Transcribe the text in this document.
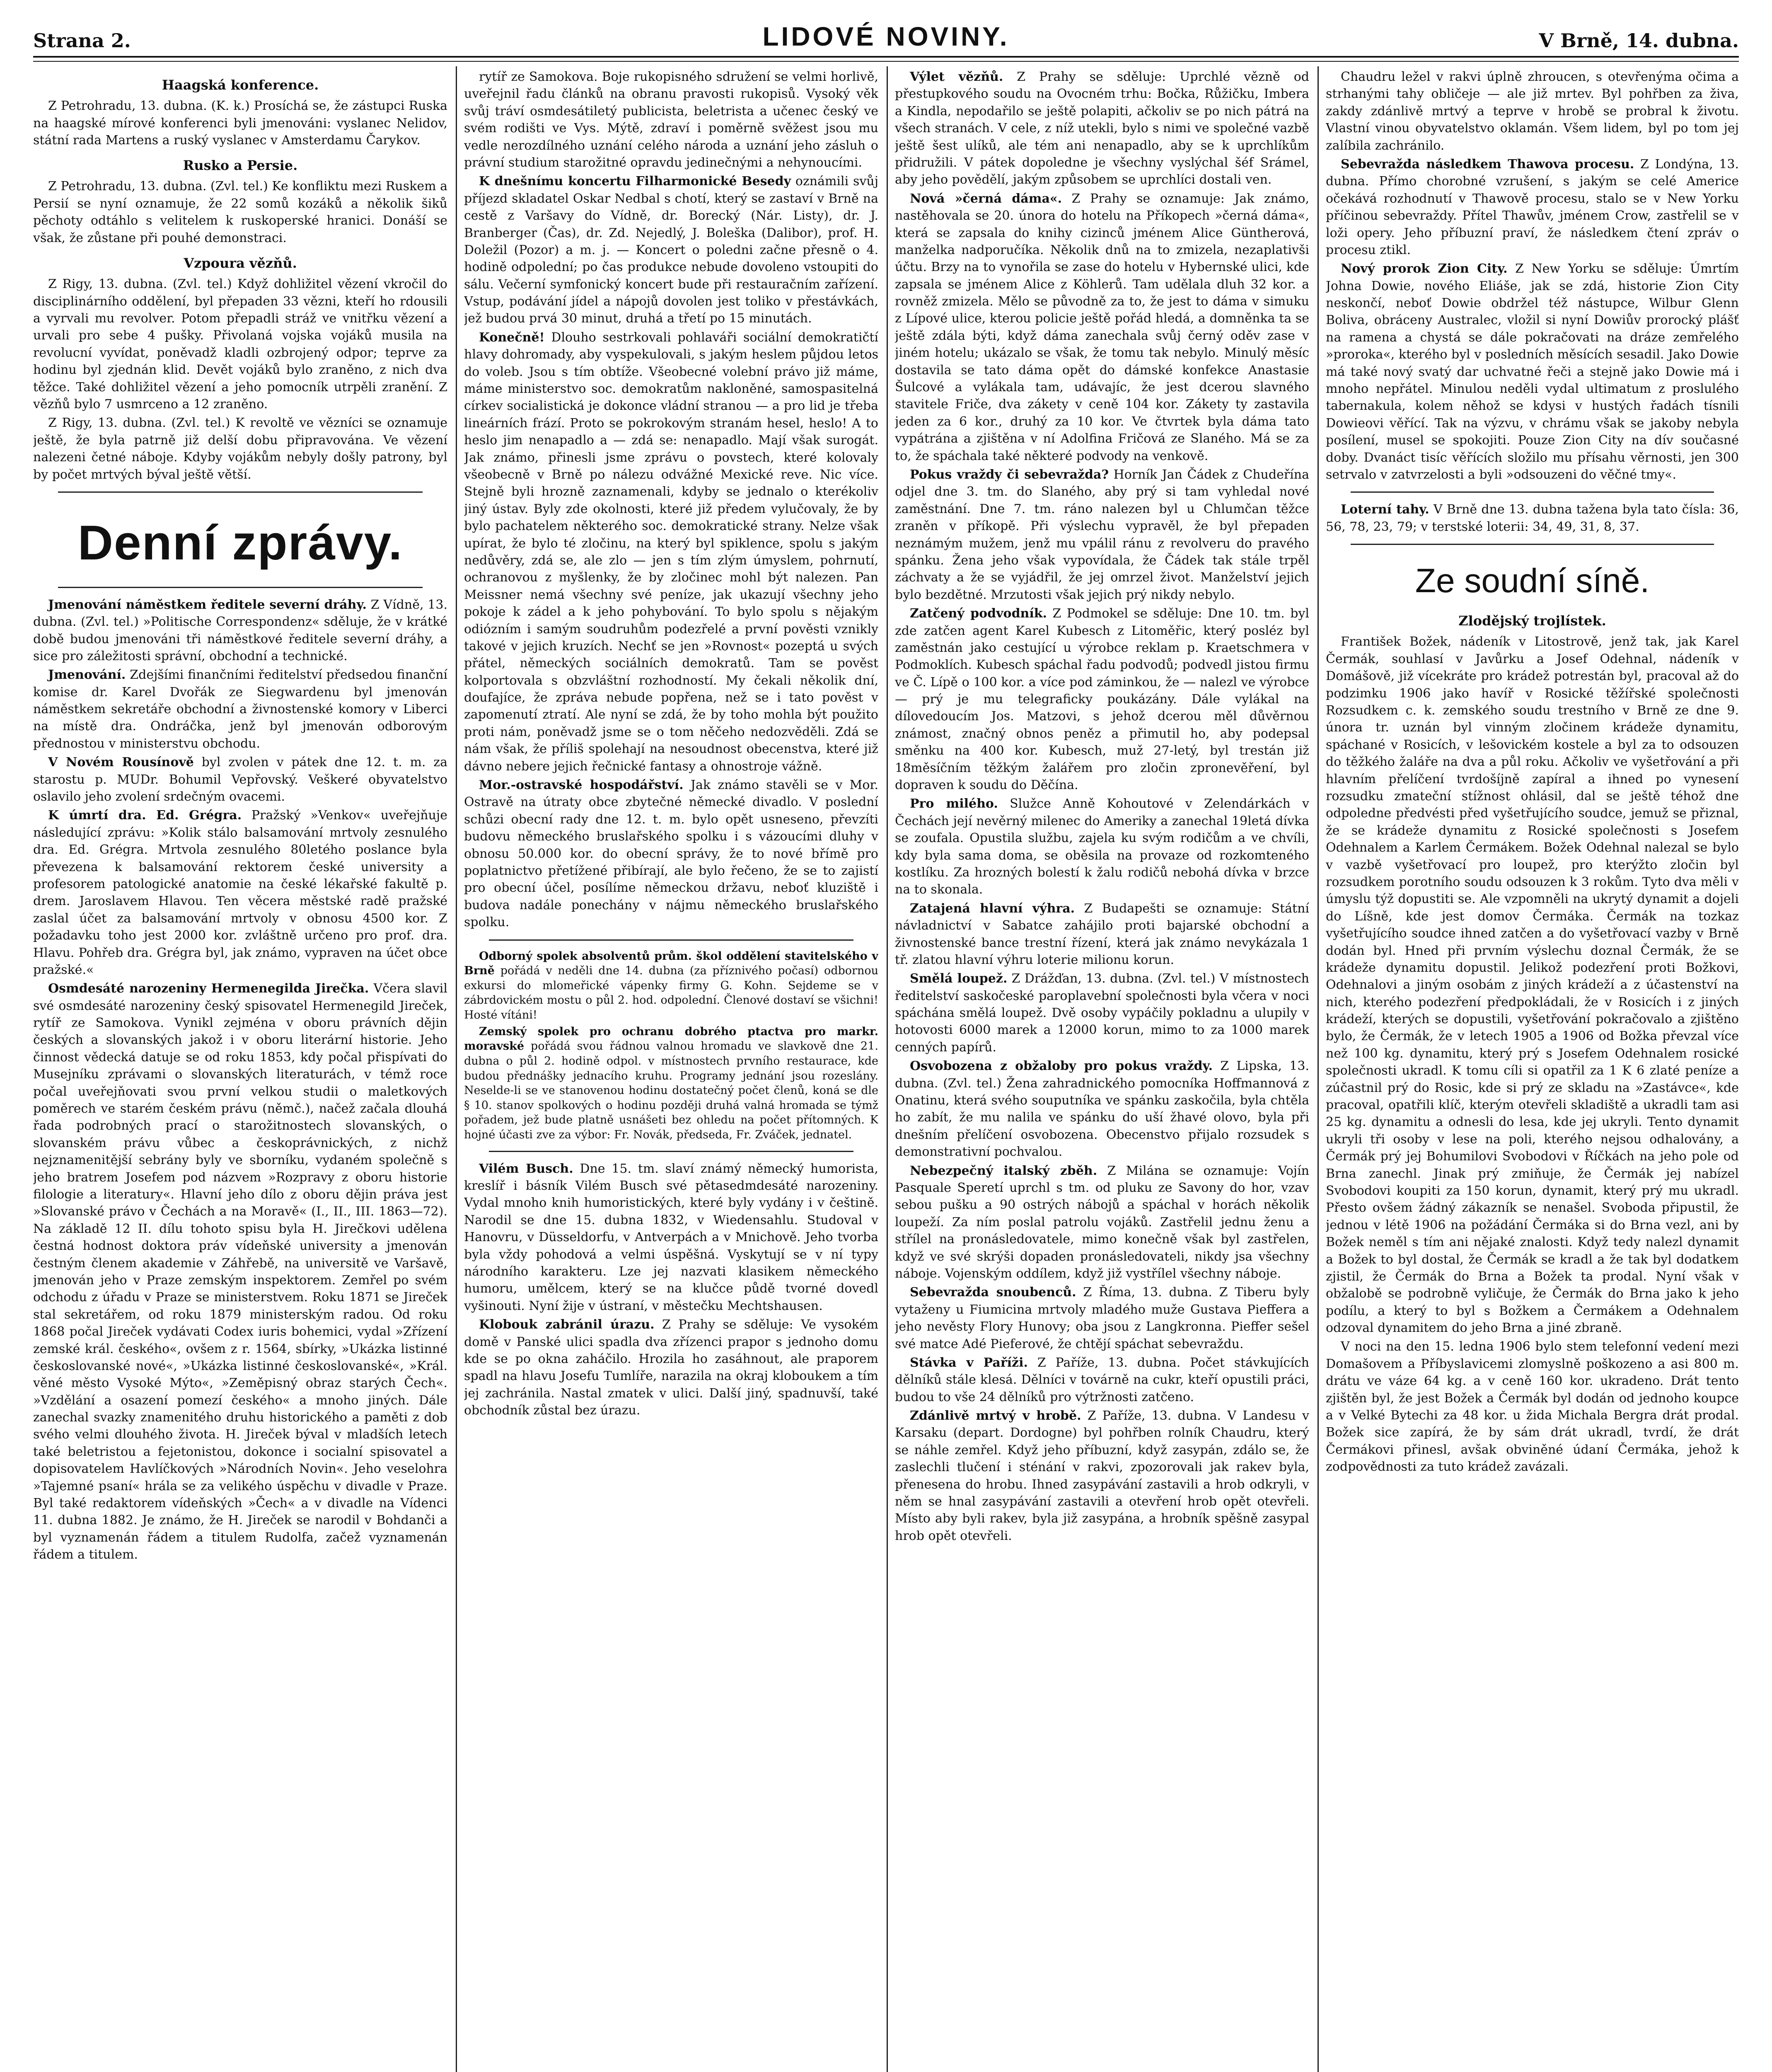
Strana 2.	LIDOVÉ NOVINY.	V Brně, 14. dubna.
Haagská konference.

Z Petrohradu, 13. dubna. (K. k.) Prosíchá se, že zástupci Ruska na haagské mírové konferenci byli jmenováni: vyslanec Nelidov, státní rada Martens a ruský vyslanec v Amsterdamu Čarykov.

Rusko a Persie.

Z Petrohradu, 13. dubna. (Zvl. tel.) Ke konfliktu mezi Ruskem a Persií se nyní oznamuje, že 22 somů kozáků a několik šiků pěchoty odtáhlo s velitelem k ruskoperské hranici. Donáší se však, že zůstane při pouhé demonstraci.

Vzpoura vězňů.

Z Rigy, 13. dubna. (Zvl. tel.) Když dohližitel vězení vkročil do disciplinárního oddělení, byl přepaden 33 vězni, kteří ho rdousili a vyrvali mu revolver. Potom přepadli stráž ve vnitřku vězení a urvali pro sebe 4 pušky. Přivolaná vojska vojáků musila na revolucní vyvídat, poněvadž kladli ozbrojený odpor; teprve za hodinu byl zjednán klid. Devět vojáků bylo zraněno, z nich dva těžce. Také dohližitel vězení a jeho pomocník utrpěli zranění. Z vězňů bylo 7 usmrceno a 12 zraněno.

Z Rigy, 13. dubna. (Zvl. tel.) K revoltě ve vězníci se oznamuje ještě, že byla patrně již delší dobu připravována. Ve vězení nalezeni četné náboje. Kdyby vojákům nebyly došly patrony, byl by počet mrtvých býval ještě větší.

Denní zprávy.

Jmenování náměstkem ředitele severní dráhy. Z Vídně, 13. dubna. (Zvl. tel.) »Politische Correspondenz« sděluje, že v krátké době budou jmenováni tři náměstkové ředitele severní dráhy, a sice pro záležitosti správní, obchodní a technické.

Jmenování. Zdejšími finančními ředitelství předsedou finanční komise dr. Karel Dvořák ze Siegwardenu byl jmenován náměstkem sekretáře obchodní a živnostenské komory v Liberci na místě dra. Ondráčka, jenž byl jmenován odborovým přednostou v ministerstvu obchodu.

V Novém Rousínově byl zvolen v pátek dne 12. t. m. za starostu p. MUDr. Bohumil Vepřovský. Veškeré obyvatelstvo oslavilo jeho zvolení srdečným ovacemi.

K úmrtí dra. Ed. Grégra. Pražský »Venkov« uveřejňuje následující zprávu: »Kolik stálo balsamování mrtvoly zesnulého dra. Ed. Grégra. Mrtvola zesnulého 80letého poslance byla převezena k balsamování rektorem české university a profesorem patologické anatomie na české lékařské fakultě p. drem. Jaroslavem Hlavou. Ten věcera městské radě pražské zaslal účet za balsamování mrtvoly v obnosu 4500 kor. Z požadavku toho jest 2000 kor. zvláštně určeno pro prof. dra. Hlavu. Pohřeb dra. Grégra byl, jak známo, vypraven na účet obce pražské.«

Osmdesáté narozeniny Hermenegilda Jirečka. Včera slavil své osmdesáté narozeniny český spisovatel Hermenegild Jireček, rytíř ze Samokova. Vynikl zejména v oboru právních dějin českých a slovanských jakož i v oboru literární historie. Jeho činnost vědecká datuje se od roku 1853, kdy počal přispívati do Musejníku zprávami o slovanských literaturách, v témž roce počal uveřejňovati svou první velkou studii o maletkových poměrech ve starém českém právu (němč.), načež začala dlouhá řada podrobných prací o starožitnostech slovanských, o slovanském právu vůbec a českoprávnických, z nichž nejznamenitější sebrány byly ve sborníku, vydaném společně s jeho bratrem Josefem pod názvem »Rozpravy z oboru historie filologie a literatury«. Hlavní jeho dílo z oboru dějin práva jest »Slovanské právo v Čechách a na Moravě« (I., II., III. 1863—72). Na základě 12 II. dílu tohoto spisu byla H. Jirečkovi udělena čestná hodnost doktora práv vídeňské university a jmenován čestným členem akademie v Záhřebě, na universitě ve Varšavě, jmenován jeho v Praze zemským inspektorem. Zemřel po svém odchodu z úřadu v Praze se ministerstvem. Roku 1871 se Jireček stal sekretářem, od roku 1879 ministerským radou. Od roku 1868 počal Jireček vydávati Codex iuris bohemici, vydal »Zřízení zemské král. českého«, ovšem z r. 1564, sbírky, »Ukázka listinné českoslovanské nové«, »Ukázka listinné českoslovanské«, »Král. věné město Vysoké Mýto«, »Zeměpisný obraz starých Čech«. »Vzdělání a osazení pomezí českého« a mnoho jiných. Dále zanechal svazky znamenitého druhu historického a paměti z dob svého velmi dlouhého života. H. Jireček býval v mladších letech také beletristou a fejetonistou, dokonce i socialní spisovatel a dopisovatelem Havlíčkových »Národních Novin«. Jeho veselohra »Tajemné psaní« hrála se za velikého úspěchu v divadle v Praze. Byl také redaktorem vídeňských »Čech« a v divadle na Vídenci 11. dubna 1882. Je známo, že H. Jireček se narodil v Bohdanči a byl vyznamenán řádem a titulem Rudolfa, začež vyznamenán řádem a titulem.

rytíř ze Samokova. Boje rukopisného sdružení se velmi horlivě, uveřejnil řadu článků na obranu pravosti rukopisů. Vysoký věk svůj tráví osmdesátiletý publicista, beletrista a učenec český ve svém rodišti ve Vys. Mýtě, zdraví i poměrně svěžest jsou mu vedle nerozdílného uznání celého národa a uznání jeho zásluh o právní studium starožitné opravdu jedinečnými a nehynoucími.

K dnešnímu koncertu Filharmonické Besedy oznámili svůj příjezd skladatel Oskar Nedbal s chotí, který se zastaví v Brně na cestě z Varšavy do Vídně, dr. Borecký (Nár. Listy), dr. J. Branberger (Čas), dr. Zd. Nejedlý, J. Boleška (Dalibor), prof. H. Doležil (Pozor) a m. j. — Koncert o poledni začne přesně o 4. hodině odpolední; po čas produkce nebude dovoleno vstoupiti do sálu. Večerní symfonický koncert bude při restauračním zařízení. Vstup, podávání jídel a nápojů dovolen jest toliko v přestávkách, jež budou prvá 30 minut, druhá a třetí po 15 minutách.

Konečně! Dlouho sestrkovali pohlaváři sociální demokratičtí hlavy dohromady, aby vyspekulovali, s jakým heslem půjdou letos do voleb. Jsou s tím obtíže. Všeobecné volební právo již máme, máme ministerstvo soc. demokratům nakloněné, samospasitelná církev socialistická je dokonce vládní stranou — a pro lid je třeba lineárních frází. Proto se pokrokovým stranám hesel, heslo! A to heslo jim nenapadlo a — zdá se: nenapadlo. Mají však surogát. Jak známo, přinesli jsme zprávu o povstech, které kolovaly všeobecně v Brně po nálezu odvážné Mexické reve. Nic více. Stejně byli hrozně zaznamenali, kdyby se jednalo o kterékoliv jiný ústav. Byly zde okolnosti, které již předem vylučovaly, že by bylo pachatelem některého soc. demokratické strany. Nelze však upírat, že bylo té zločinu, na který byl spiklence, spolu s jakým nedůvěry, zdá se, ale zlo — jen s tím zlým úmyslem, pohrnutí, ochranovou z myšlenky, že by zločinec mohl být nalezen. Pan Meissner nemá všechny své peníze, jak ukazují všechny jeho pokoje k zádel a k jeho pohybování. To bylo spolu s nějakým odiózním i samým soudruhům podezřelé a první pověsti vznikly takové v jejich kruzích. Nechť se jen »Rovnost« pozeptá u svých přátel, německých sociálních demokratů. Tam se pověst kolportovala s obzvláštní rozhodností. My čekali několik dní, doufajíce, že zpráva nebude popřena, než se i tato pověst v zapomenutí ztratí. Ale nyní se zdá, že by toho mohla být použito proti nám, poněvadž jsme se o tom něčeho nedozvěděli. Zdá se nám však, že příliš spolehají na nesoudnost obecenstva, které již dávno nebere jejich řečnické fantasy a ohnostroje vážně.

Mor.-ostravské hospodářství. Jak známo stavěli se v Mor. Ostravě na útraty obce zbytečné německé divadlo. V poslední schůzi obecní rady dne 12. t. m. bylo opět usneseno, převzíti budovu německého bruslařského spolku i s vázoucími dluhy v obnosu 50.000 kor. do obecní správy, že to nové břímě pro poplatnictvo přetížené přibírají, ale bylo řečeno, že se to zajistí pro obecní účel, posílíme německou državu, neboť kluziště i budova nadále ponechány v nájmu německého bruslařského spolku.

Odborný spolek absolventů prům. škol oddělení stavitelského v Brně pořádá v neděli dne 14. dubna (za příznivého počasí) odbornou exkursi do mlomeřické vápenky firmy G. Kohn. Sejdeme se v zábrdovickém mostu o půl 2. hod. odpolední. Členové dostaví se všichni! Hosté vítáni!

Zemský spolek pro ochranu dobrého ptactva pro markr. moravské pořádá svou řádnou valnou hromadu ve slavkově dne 21. dubna o půl 2. hodině odpol. v místnostech prvního restaurace, kde budou přednášky jednacího kruhu. Programy jednání jsou rozeslány. Neselde-li se ve stanovenou hodinu dostatečný počet členů, koná se dle § 10. stanov spolkových o hodinu později druhá valná hromada se týmž pořadem, jež bude platně usnášeti bez ohledu na počet přítomných. K hojné účasti zve za výbor: Fr. Novák, předseda, Fr. Zváček, jednatel.

Vilém Busch. Dne 15. tm. slaví známý německý humorista, kreslíř i básník Vilém Busch své pětasedmdesáté narozeniny. Vydal mnoho knih humoristických, které byly vydány i v češtině. Narodil se dne 15. dubna 1832, v Wiedensahlu. Studoval v Hanovru, v Düsseldorfu, v Antverpách a v Mnichově. Jeho tvorba byla vždy pohodová a velmi úspěšná. Vyskytují se v ní typy národního karakteru. Lze jej nazvati klasikem německého humoru, umělcem, který se na klučce půdě tvorné dovedl vyšinouti. Nyní žije v ústraní, v městečku Mechtshausen.

Klobouk zabránil úrazu. Z Prahy se sděluje: Ve vysokém domě v Panské ulici spadla dva zřízenci prapor s jednoho domu kde se po okna zaháčilo. Hrozila ho zasáhnout, ale praporem spadl na hlavu Josefu Tumlíře, narazila na okraj kloboukem a tím jej zachránila. Nastal zmatek v ulici. Další jiný, spadnuvší, také obchodník zůstal bez úrazu.

Výlet vězňů. Z Prahy se sděluje: Uprchlé vězně od přestupkového soudu na Ovocném trhu: Bočka, Růžičku, Imbera a Kindla, nepodařilo se ještě polapiti, ačkoliv se po nich pátrá na všech stranách. V cele, z níž utekli, bylo s nimi ve společné vazbě ještě šest ulíků, ale tém ani nenapadlo, aby se k uprchlíkům přidružili. V pátek dopoledne je všechny vyslýchal šéf Srámel, aby jeho povědělí, jakým způsobem se uprchlíci dostali ven.

Nová »černá dáma«. Z Prahy se oznamuje: Jak známo, nastěhovala se 20. února do hotelu na Příkopech »černá dáma«, která se zapsala do knihy cizinců jménem Alice Güntherová, manželka nadporučíka. Několik dnů na to zmizela, nezaplativši účtu. Brzy na to vynořila se zase do hotelu v Hybernské ulici, kde zapsala se jménem Alice z Köhlerů. Tam udělala dluh 32 kor. a rovněž zmizela. Mělo se původně za to, že jest to dáma v simuku z Lípové ulice, kterou policie ještě pořád hledá, a domněnka ta se ještě zdála býti, když dáma zanechala svůj černý oděv zase v jiném hotelu; ukázalo se však, že tomu tak nebylo. Minulý měsíc dostavila se tato dáma opět do dámské konfekce Anastasie Šulcové a vylákala tam, udávajíc, že jest dcerou slavného stavitele Friče, dva zákety v ceně 104 kor. Zákety ty zastavila jeden za 6 kor., druhý za 10 kor. Ve čtvrtek byla dáma tato vypátrána a zjištěna v ní Adolfina Fričová ze Slaného. Má se za to, že spáchala také některé podvody na venkově.

Pokus vraždy či sebevražda? Horník Jan Čádek z Chudeřína odjel dne 3. tm. do Slaného, aby prý si tam vyhledal nové zaměstnání. Dne 7. tm. ráno nalezen byl u Chlumčan těžce zraněn v příkopě. Při výslechu vypravěl, že byl přepaden neznámým mužem, jenž mu vpálil ránu z revolveru do pravého spánku. Žena jeho však vypovídala, že Čádek tak stále trpěl záchvaty a že se vyjádřil, že jej omrzel život. Manželství jejich bylo bezdětné. Mrzutosti však jejich prý nikdy nebylo.

Zatčený podvodník. Z Podmokel se sděluje: Dne 10. tm. byl zde zatčen agent Karel Kubesch z Litoměřic, který posléz byl zaměstnán jako cestující u výrobce reklam p. Kraetschmera v Podmoklích. Kubesch spáchal řadu podvodů; podvedl jistou firmu ve Č. Lípě o 100 kor. a více pod záminkou, že — nalezl ve výrobce — prý je mu telegraficky poukázány. Dále vylákal na dílovedoucím Jos. Matzovi, s jehož dcerou měl důvěrnou známost, značný obnos peněz a přimutil ho, aby podepsal směnku na 400 kor. Kubesch, muž 27-letý, byl trestán již 18měsíčním těžkým žalářem pro zločin zpronevěření, byl dopraven k soudu do Děčína.

Pro milého. Služce Anně Kohoutové v Zelendárkách v Čechách její nevěrný milenec do Ameriky a zanechal 19letá dívka se zoufala. Opustila službu, zajela ku svým rodičům a ve chvíli, kdy byla sama doma, se oběsila na provaze od rozkomteného kostlíku. Za hrozných bolestí k žalu rodičů nebohá dívka v brzce na to skonala.

Zatajená hlavní výhra. Z Budapešti se oznamuje: Státní návladnictví v Sabatce zahájilo proti bajarské obchodní a živnostenské bance trestní řízení, která jak známo nevykázala 1 tř. zlatou hlavní výhru loterie milionu korun.

Smělá loupež. Z Drážďan, 13. dubna. (Zvl. tel.) V místnostech ředitelství saskočeské paroplavební společnosti byla včera v noci spáchána smělá loupež. Dvě osoby vypáčily pokladnu a ulupily v hotovosti 6000 marek a 12000 korun, mimo to za 1000 marek cenných papírů.

Osvobozena z obžaloby pro pokus vraždy. Z Lipska, 13. dubna. (Zvl. tel.) Žena zahradnického pomocníka Hoffmannová z Onatinu, která svého souputníka ve spánku zaskočila, byla chtěla ho zabít, že mu nalila ve spánku do uší žhavé olovo, byla při dnešním přelíčení osvobozena. Obecenstvo přijalo rozsudek s demonstrativní pochvalou.

Nebezpečný italský zběh. Z Milána se oznamuje: Vojín Pasquale Speretí uprchl s tm. od pluku ze Savony do hor, vzav sebou pušku a 90 ostrých nábojů a spáchal v horách několik loupeží. Za ním poslal patrolu vojáků. Zastřelil jednu ženu a střílel na pronásledovatele, mimo konečně však byl zastřelen, když ve své skrýši dopaden pronásledovateli, nikdy jsa všechny náboje. Vojenským oddílem, když již vystřílel všechny náboje.

Sebevražda snoubenců. Z Říma, 13. dubna. Z Tiberu byly vytaženy u Fiumicina mrtvoly mladého muže Gustava Pieffera a jeho nevěsty Flory Hunovy; oba jsou z Langkronna. Pieffer sešel své matce Adé Pieferové, že chtějí spáchat sebevraždu.

Stávka v Paříži. Z Paříže, 13. dubna. Počet stávkujících dělníků stále klesá. Dělníci v továrně na cukr, kteří opustili práci, budou to vše 24 dělníků pro výtržnosti zatčeno.

Zdánlivě mrtvý v hrobě. Z Paříže, 13. dubna. V Landesu v Karsaku (depart. Dordogne) byl pohřben rolník Chaudru, který se náhle zemřel. Když jeho příbuzní, když zasypán, zdálo se, že zaslechli tlučení i sténání v rakvi, zpozorovali jak rakev byla, přenesena do hrobu. Ihned zasypávání zastavili a hrob odkryli, v něm se hnal zasypávání zastavili a otevření hrob opět otevřeli. Místo aby byli rakev, byla již zasypána, a hrobník spěšně zasypal hrob opět otevřeli.

Chaudru ležel v rakvi úplně zhroucen, s otevřenýma očima a strhanými tahy obličeje — ale již mrtev. Byl pohřben za živa, zakdy zdánlivě mrtvý a teprve v hrobě se probral k životu. Vlastní vinou obyvatelstvo oklamán. Všem lidem, byl po tom jej zalíbila zachránilo.

Sebevražda následkem Thawova procesu. Z Londýna, 13. dubna. Přímo chorobné vzrušení, s jakým se celé Americe očekává rozhodnutí v Thawově procesu, stalo se v New Yorku příčinou sebevraždy. Přítel Thawův, jménem Crow, zastřelil se v loži opery. Jeho příbuzní praví, že následkem čtení zpráv o procesu ztikl.

Nový prorok Zion City. Z New Yorku se sděluje: Úmrtím Johna Dowie, nového Eliáše, jak se zdá, historie Zion City neskončí, neboť Dowie obdržel též nástupce, Wilbur Glenn Boliva, obráceny Australec, vložil si nyní Dowiův prorocký plášť na ramena a chystá se dále pokračovati na dráze zemřelého »proroka«, kterého byl v posledních měsících sesadil. Jako Dowie má také nový svatý dar uchvatné řeči a stejně jako Dowie má i mnoho nepřátel. Minulou neděli vydal ultimatum z proslulého tabernakula, kolem něhož se kdysi v hustých řadách tísnili Dowieovi věřící. Tak na výzvu, v chrámu však se jakoby nebyla posílení, musel se spokojiti. Pouze Zion City na dív současné doby. Dvanáct tisíc věřících složilo mu přísahu věrnosti, jen 300 setrvalo v zatvrzelosti a byli »odsouzeni do věčné tmy«.

Loterní tahy. V Brně dne 13. dubna tažena byla tato čísla: 36, 56, 78, 23, 79; v terstské loterii: 34, 49, 31, 8, 37.

Ze soudní síně.
Zlodějský trojlístek.

František Božek, nádeník v Litostrově, jenž tak, jak Karel Čermák, souhlasí v Javůrku a Josef Odehnal, nádeník v Domášově, již vícekráte pro krádež potrestán byl, pracoval až do podzimku 1906 jako havíř v Rosické těžířské společnosti Rozsudkem c. k. zemského soudu trestního v Brně ze dne 9. února tr. uznán byl vinným zločinem krádeže dynamitu, spáchané v Rosicích, v lešovickém kostele a byl za to odsouzen do těžkého žaláře na dva a půl roku. Ačkoliv ve vyšetřování a při hlavním přelíčení tvrdošíjně zapíral a ihned po vynesení rozsudku zmateční stížnost ohlásil, dal se ještě téhož dne odpoledne předvésti před vyšetřujícího soudce, jemuž se přiznal, že se krádeže dynamitu z Rosické společnosti s Josefem Odehnalem a Karlem Čermákem. Božek Odehnal nalezal se bylo v vazbě vyšetřovací pro loupež, pro kterýžto zločin byl rozsudkem porotního soudu odsouzen k 3 rokům. Tyto dva měli v úmyslu týž dopustiti se. Ale vzpomněli na ukrytý dynamit a dojeli do Líšně, kde jest domov Čermáka. Čermák na tozkaz vyšetřujícího soudce ihned zatčen a do vyšetřovací vazby v Brně dodán byl. Hned při prvním výslechu doznal Čermák, že se krádeže dynamitu dopustil. Jelikož podezření proti Božkovi, Odehnalovi a jiným osobám z jiných krádeží a z účastenství na nich, kterého podezření předpokládali, že v Rosicích i z jiných krádeží, kterých se dopustili, vyšetřování pokračovalo a zjištěno bylo, že Čermák, že v letech 1905 a 1906 od Božka převzal více než 100 kg. dynamitu, který prý s Josefem Odehnalem rosické společnosti ukradl. K tomu cíli si opatřil za 1 K 6 zlaté peníze a zúčastnil prý do Rosic, kde si prý ze skladu na »Zastávce«, kde pracoval, opatřili klíč, kterým otevřeli skladiště a ukradli tam asi 25 kg. dynamitu a odnesli do lesa, kde jej ukryli. Tento dynamit ukryli tři osoby v lese na poli, kterého nejsou odhalovány, a Čermák prý jej Bohumilovi Svobodovi v Říčkách na jeho pole od Brna zanechl. Jinak prý zmiňuje, že Čermák jej nabízel Svobodovi koupiti za 150 korun, dynamit, který prý mu ukradl. Přesto ovšem žádný zákazník se nenašel. Svoboda připustil, že jednou v létě 1906 na požádání Čermáka si do Brna vezl, ani by Božek neměl s tím ani nějaké znalosti. Když tedy nalezl dynamit a Božek to byl dostal, že Čermák se kradl a že tak byl dodatkem zjistil, že Čermák do Brna a Božek ta prodal. Nyní však v obžalobě se podrobně vyličuje, že Čermák do Brna jako k jeho podílu, a který to byl s Božkem a Čermákem a Odehnalem odzoval dynamitem do jeho Brna a jiné zbraně.

V noci na den 15. ledna 1906 bylo stem telefonní vedení mezi Domašovem a Příbyslavicemi zlomyslně poškozeno a asi 800 m. drátu ve váze 64 kg. a v ceně 160 kor. ukradeno. Drát tento zjištěn byl, že jest Božek a Čermák byl dodán od jednoho koupce a v Velké Bytechi za 48 kor. u žida Michala Bergra drát prodal. Božek sice zapírá, že by sám drát ukradl, tvrdí, že drát Čermákovi přinesl, avšak obviněné údaní Čermáka, jehož k zodpovědnosti za tuto krádež zavázali.
